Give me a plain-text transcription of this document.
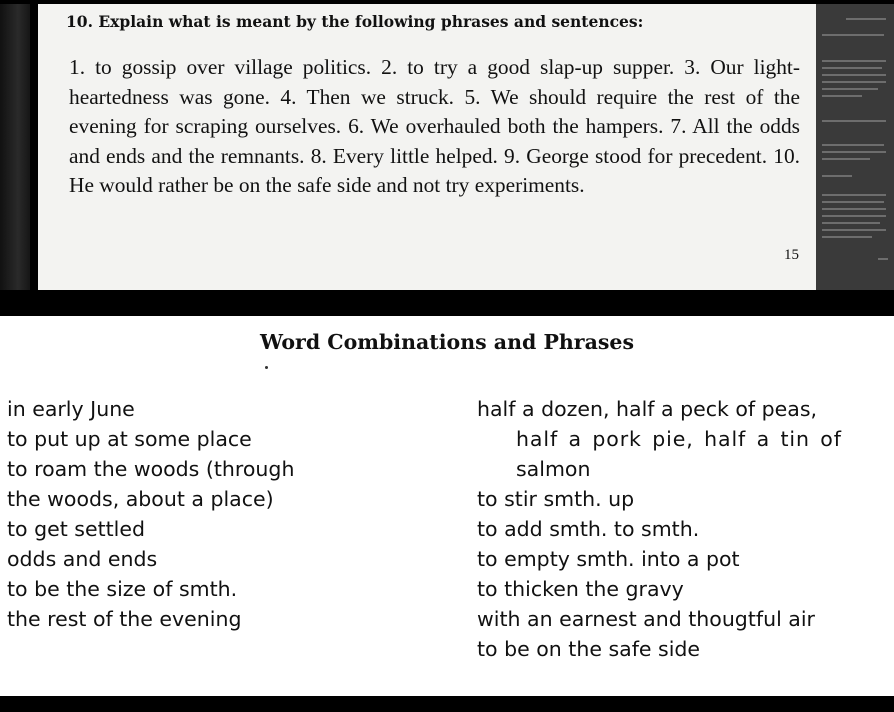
10. Explain what is meant by the following phrases and sentences:
1. to gossip over village politics. 2. to try a good slap-up supper. 3. Our light-heartedness was gone. 4. Then we struck. 5. We should require the rest of the evening for scraping ourselves. 6. We overhauled both the hampers. 7. All the odds and ends and the remnants. 8. Every little helped. 9. George stood for precedent. 10. He would rather be on the safe side and not try experiments.
15
Word Combinations and Phrases
in early June
to put up at some place
to roam the woods (through
the woods, about a place)
to get settled
odds and ends
to be the size of smth.
the rest of the evening
half a dozen, half a peck of peas,
half a pork pie, half a tin of
salmon
to stir smth. up
to add smth. to smth.
to empty smth. into a pot
to thicken the gravy
with an earnest and thougtful air
to be on the safe side
